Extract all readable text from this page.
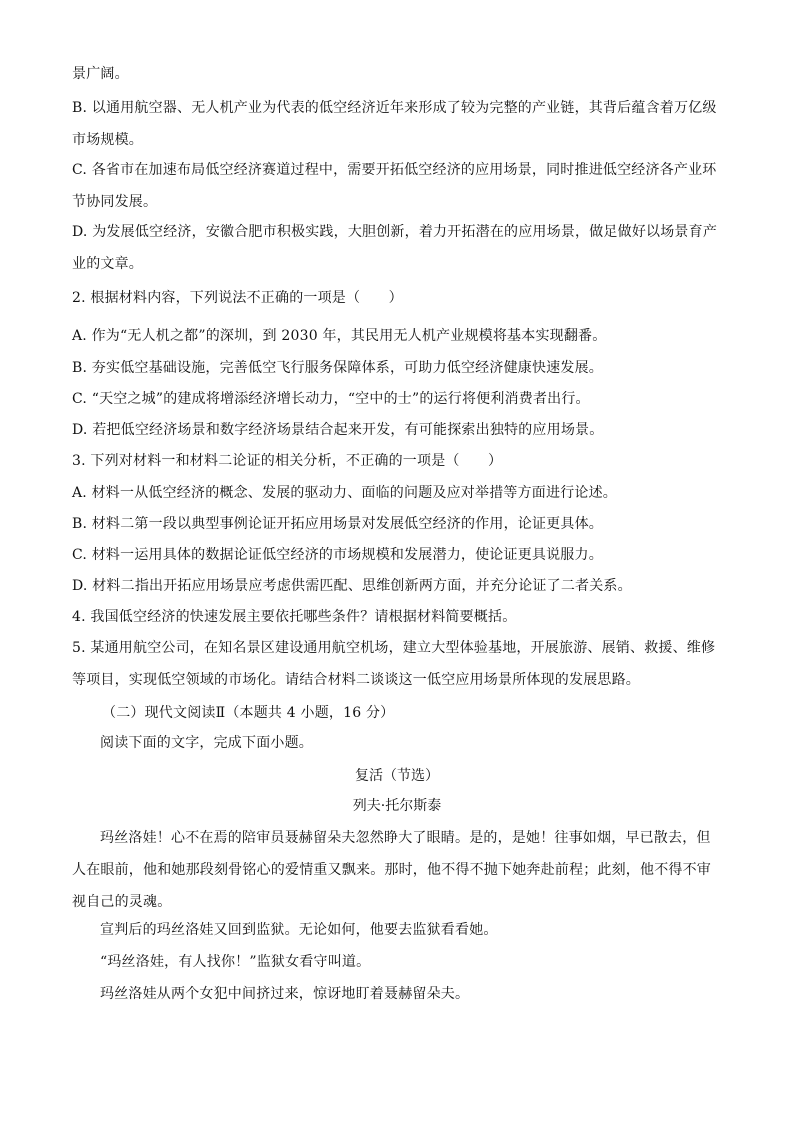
景广阔。
B. 以通用航空器、无人机产业为代表的低空经济近年来形成了较为完整的产业链，其背后蕴含着万亿级市场规模。
C. 各省市在加速布局低空经济赛道过程中，需要开拓低空经济的应用场景，同时推进低空经济各产业环节协同发展。
D. 为发展低空经济，安徽合肥市积极实践，大胆创新，着力开拓潜在的应用场景，做足做好以场景育产业的文章。
2. 根据材料内容，下列说法不正确的一项是（　　）
A. 作为“无人机之都”的深圳，到 2030 年，其民用无人机产业规模将基本实现翻番。
B. 夯实低空基础设施，完善低空飞行服务保障体系，可助力低空经济健康快速发展。
C. “天空之城”的建成将增添经济增长动力，“空中的士”的运行将便利消费者出行。
D. 若把低空经济场景和数字经济场景结合起来开发，有可能探索出独特的应用场景。
3. 下列对材料一和材料二论证的相关分析，不正确的一项是（　　）
A. 材料一从低空经济的概念、发展的驱动力、面临的问题及应对举措等方面进行论述。
B. 材料二第一段以典型事例论证开拓应用场景对发展低空经济的作用，论证更具体。
C. 材料一运用具体的数据论证低空经济的市场规模和发展潜力，使论证更具说服力。
D. 材料二指出开拓应用场景应考虑供需匹配、思维创新两方面，并充分论证了二者关系。
4. 我国低空经济的快速发展主要依托哪些条件？请根据材料简要概括。
5. 某通用航空公司，在知名景区建设通用航空机场，建立大型体验基地，开展旅游、展销、救援、维修等项目，实现低空领域的市场化。请结合材料二谈谈这一低空应用场景所体现的发展思路。
（二）现代文阅读Ⅱ（本题共 4 小题，16 分）
阅读下面的文字，完成下面小题。
复活（节选）
列夫·托尔斯泰
玛丝洛娃！心不在焉的陪审员聂赫留朵夫忽然睁大了眼睛。是的，是她！往事如烟，早已散去，但人在眼前，他和她那段刻骨铭心的爱情重又飘来。那时，他不得不抛下她奔赴前程；此刻，他不得不审视自己的灵魂。
宣判后的玛丝洛娃又回到监狱。无论如何，他要去监狱看看她。
“玛丝洛娃，有人找你！”监狱女看守叫道。
玛丝洛娃从两个女犯中间挤过来，惊讶地盯着聂赫留朵夫。
